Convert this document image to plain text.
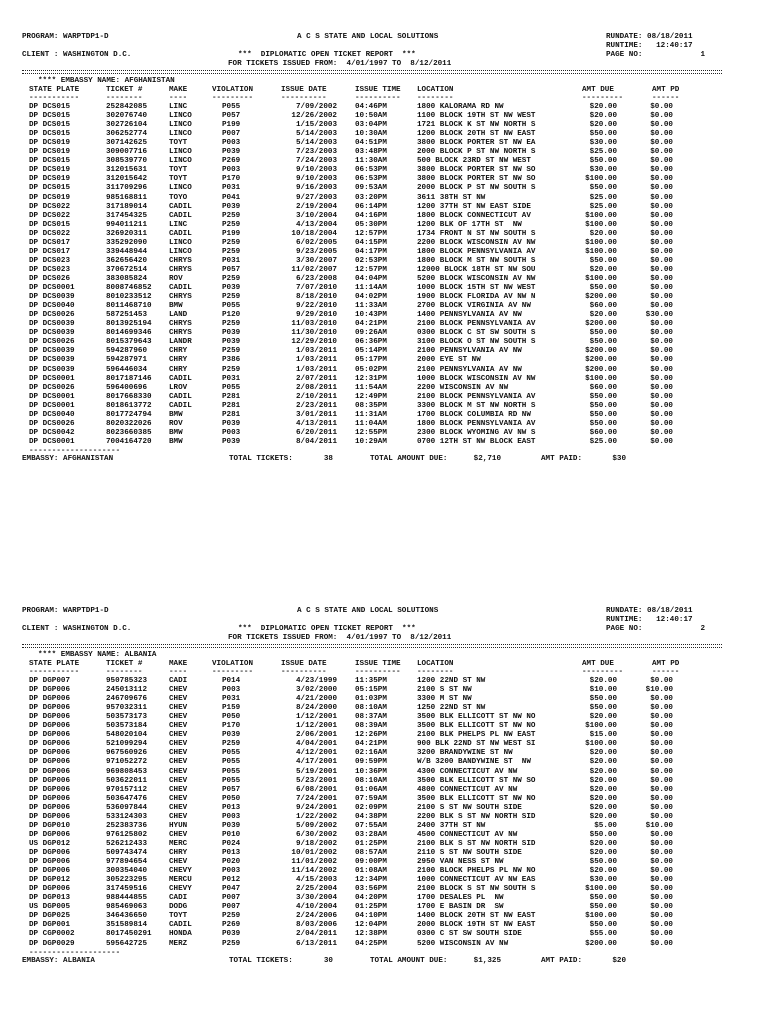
PROGRAM: WARPTDP1-D

	A C S STATE AND LOCAL SOLUTIONS

	RUNDATE: 08/18/2011

RUNTIME:   12:40:17

CLIENT : WASHINGTON D.C.

	***  DIPLOMATIC OPEN TICKET REPORT  ***

	PAGE NO:

	1

FOR TICKETS ISSUED FROM:  4/01/1997 TO  8/12/2011

**** EMBASSY NAME: AFGHANISTAN

STATE PLATE	TICKET #	MAKE	VIOLATION	ISSUE DATE	ISSUE TIME LOCATION	AMT DUE	AMT PD
-----------	--------	----	---------	----------	---------- --------	---------	------
DP DCS015	252842085	LINC	P055	7/09/2002 04:46PM	1800 KALORAMA RD NW	$20.00	$0.00
DP DCS015	302076740	LINCO	P057	12/26/2002 10:50AM	1100 BLOCK 19TH ST NW WEST	$20.00	$0.00
DP DCS015	302726104	LINCO	P199	1/15/2003 03:04PM	1721 BLOCK K ST NW NORTH S	$20.00	$0.00
DP DCS015	306252774	LINCO	P007	5/14/2003 10:30AM	1200 BLOCK 20TH ST NW EAST	$50.00	$0.00
DP DCS019	307142625	TOYT	P003	5/14/2003 04:51PM	3800 BLOCK PORTER ST NW EA	$30.00	$0.00
DP DCS019	309007716	LINCO	P039	7/23/2003 03:48PM	2000 BLOCK P ST NW NORTH S	$25.00	$0.00
DP DCS015	308539770	LINCO	P269	7/24/2003 11:30AM	500 BLOCK 23RD ST NW WEST	$50.00	$0.00
DP DCS019	312015631	TOYT	P003	9/10/2003 06:53PM	3800 BLOCK PORTER ST NW SO	$30.00	$0.00
DP DCS019	312015642	TOYT	P170	9/10/2003 06:53PM	3800 BLOCK PORTER ST NW SO	$100.00	$0.00
DP DCS015	311709296	LINCO	P031	9/16/2003 09:53AM	2000 BLOCK P ST NW SOUTH S	$50.00	$0.00
DP DCS019	985168811	TOYO	P041	9/27/2003 03:20PM	3611 38TH ST NW	$25.00	$0.00
DP DCS022	317189014	CADIL	P039	2/19/2004 06:14PM	1200 37TH ST NW EAST SIDE	$25.00	$0.00
DP DCS022	317454325	CADIL	P259	3/10/2004 04:16PM	1800 BLOCK CONNECTICUT AV	$100.00	$0.00
DP DCS015	994011211	LINC	P259	4/13/2004 05:30PM	1200 BLK OF 17TH ST  NW	$100.00	$0.00
DP DCS022	326920311	CADIL	P199	10/18/2004 12:57PM	1734 FRONT N ST NW SOUTH S	$20.00	$0.00
DP DCS017	335292090	LINCO	P259	6/02/2005 04:15PM	2200 BLOCK WISCONSIN AV NW	$100.00	$0.00
DP DCS017	339448944	LINCO	P259	9/23/2005 04:17PM	1800 BLOCK PENNSYLVANIA AV	$100.00	$0.00
DP DCS023	362656420	CHRYS	P031	3/30/2007 02:53PM	1800 BLOCK M ST NW SOUTH S	$50.00	$0.00
DP DCS023	370672514	CHRYS	P057	11/02/2007 12:57PM	12000 BLOCK 18TH ST NW SOU	$20.00	$0.00
DP DCS026	383085824	ROV	P259	6/23/2008 04:04PM	5200 BLOCK WISCONSIN AV NW	$100.00	$0.00
DP DCS0001	8008746852 CADIL	P039	7/07/2010 11:14AM	1000 BLOCK 15TH ST NW WEST	$50.00	$0.00
DP DCS0039	8010233512 CHRYS	P259	8/18/2010 04:02PM	1900 BLOCK FLORIDA AV NW N	$200.00	$0.00
DP DCS0040	8011468710 BMW	P055	9/22/2010 11:33AM	2700 BLOCK VIRGINIA AV NW	$60.00	$0.00
DP DCS0026	587251453	LAND	P120	9/29/2010 10:43PM	1400 PENNSYLVANIA AV NW	$20.00	$30.00
DP DCS0039	8013925194 CHRYS	P259	11/03/2010 04:21PM	2100 BLOCK PENNSYLVANIA AV	$200.00	$0.00
DP DCS0039	8014699346 CHRYS	P039	11/30/2010 09:26AM	0300 BLOCK C ST SW SOUTH S	$50.00	$0.00
DP DCS0026	8015379643 LANDR	P039	12/29/2010 06:36PM	3100 BLOCK O ST NW SOUTH S	$50.00	$0.00
DP DCS0039	594287960	CHRY	P259	1/03/2011 05:14PM	2100 PENNSYLVANIA AV NW	$200.00	$0.00
DP DCS0039	594287971	CHRY	P386	1/03/2011 05:17PM	2000 EYE ST NW	$200.00	$0.00
DP DCS0039	596446034	CHRY	P259	1/03/2011 05:02PM	2100 PENNSYLVANIA AV NW	$200.00	$0.00
DP DCS0001	8017187146 CADIL	P031	2/07/2011 12:31PM	1000 BLOCK WISCONSIN AV NW	$100.00	$0.00
DP DCS0026	596400696	LROV	P055	2/08/2011 11:54AM	2200 WISCONSIN AV NW	$60.00	$0.00
DP DCS0001	8017668330 CADIL	P281	2/10/2011 12:49PM	2100 BLOCK PENNSYLVANIA AV	$50.00	$0.00
DP DCS0001	8018613772 CADIL	P281	2/23/2011 08:35PM	3300 BLOCK M ST NW NORTH S	$50.00	$0.00
DP DCS0040	8017724794 BMW	P281	3/01/2011 11:31AM	1700 BLOCK COLUMBIA RD NW	$50.00	$0.00
DP DCS0026	8020322026 ROV	P039	4/13/2011 11:04AM	1800 BLOCK PENNSYLVANIA AV	$50.00	$0.00
DP DCS0042	8023660385 BMW	P003	6/20/2011 12:55PM	2300 BLOCK WYOMING AV NW S	$60.00	$0.00
DP DCS0001	7004164720 BMW	P039	8/04/2011 10:29AM	0700 12TH ST NW BLOCK EAST	$25.00	$0.00
--------------------
EMBASSY: AFGHANISTAN	TOTAL TICKETS:	38	TOTAL AMOUNT DUE:	$2,710	AMT PAID:	$30

PROGRAM: WARPTDP1-D

	A C S STATE AND LOCAL SOLUTIONS

	RUNDATE: 08/18/2011

RUNTIME:   12:40:17

CLIENT : WASHINGTON D.C.

	***  DIPLOMATIC OPEN TICKET REPORT  ***

	PAGE NO:

	2

FOR TICKETS ISSUED FROM:  4/01/1997 TO  8/12/2011

**** EMBASSY NAME: ALBANIA

STATE PLATE	TICKET #	MAKE	VIOLATION	ISSUE DATE	ISSUE TIME LOCATION	AMT DUE	AMT PD
-----------	--------	----	---------	----------	---------- --------	---------	------
DP DGP007	950785323	CADI	P014	4/23/1999 11:35PM	1200 22ND ST NW	$20.00	$0.00
DP DGP006	245013112	CHEV	P003	3/02/2000 05:15PM	2100 S ST NW	$10.00	$10.00
DP DGP006	246709676	CHEV	P031	4/21/2000 01:03PM	3300 M ST NW	$50.00	$0.00
DP DGP006	957032311	CHEV	P159	8/24/2000 08:10AM	1250 22ND ST NW	$50.00	$0.00
DP DGP006	503573173	CHEV	P050	1/12/2001 08:37AM	3500 BLK ELLICOTT ST NW NO	$20.00	$0.00
DP DGP006	503573184	CHEV	P170	1/12/2001 08:39AM	3500 BLK ELLICOTT ST NW NO	$100.00	$0.00
DP DGP006	548020104	CHEV	P039	2/06/2001 12:26PM	2100 BLK PHELPS PL NW EAST	$15.00	$0.00
DP DGP006	521099294	CHEV	P259	4/04/2001 04:21PM	900 BLK 22ND ST NW WEST SI	$100.00	$0.00
DP DGP006	967560926	CHEV	P055	4/12/2001 02:16AM	3200 BRANDYWINE ST NW	$20.00	$0.00
DP DGP006	971052272	CHEV	P055	4/17/2001 09:59PM	W/B 3200 BANDYWINE ST  NW	$20.00	$0.00
DP DGP006	969808453	CHEV	P055	5/19/2001 10:36PM	4300 CONNECTICUT AV NW	$20.00	$0.00
DP DGP006	503622011	CHEV	P055	5/23/2001 08:10AM	3500 BLK ELLICOTT ST NW SO	$20.00	$0.00
DP DGP006	970157112	CHEV	P057	6/08/2001 01:06AM	4800 CONNECTICUT AV NW	$20.00	$0.00
DP DGP006	503647476	CHEV	P050	7/24/2001 07:59AM	3500 BLK ELLICOTT ST NW NO	$20.00	$0.00
DP DGP006	536097844	CHEV	P013	9/24/2001 02:09PM	2100 S ST NW SOUTH SIDE	$20.00	$0.00
DP DGP006	533124303	CHEV	P003	1/22/2002 04:38PM	2200 BLK S ST NW NORTH SID	$20.00	$0.00
DP DGP010	252383736	HYUN	P039	5/09/2002 07:55AM	2400 37TH ST NW	$5.00	$10.00
DP DGP006	976125802	CHEV	P010	6/30/2002 03:28AM	4500 CONNECTICUT AV NW	$50.00	$0.00
US DGP012	526212433	MERC	P024	9/18/2002 01:25PM	2100 BLK S ST NW NORTH SID	$20.00	$0.00
DP DGP006	509743474	CHRY	P013	10/01/2002 08:57AM	2110 S ST NW SOUTH SIDE	$20.00	$0.00
DP DGP006	977894654	CHEV	P020	11/01/2002 09:00PM	2950 VAN NESS ST NW	$50.00	$0.00
DP DGP006	300354040	CHEVY	P003	11/14/2002 01:08AM	2100 BLOCK PHELPS PL NW NO	$20.00	$0.00
DP DGP012	305223295	MERCU	P012	4/15/2003 12:34PM	1000 CONNECTICUT AV NW EAS	$30.00	$0.00
DP DGP006	317459516	CHEVY	P047	2/25/2004 03:56PM	2100 BLOCK S ST NW SOUTH S	$100.00	$0.00
DP DGP013	988444855	CADI	P007	3/30/2004 04:20PM	1700 DESALES PL  NW	$50.00	$0.00
US DGP005	985469063	DODG	P007	4/10/2004 01:25PM	1700 E BASIN DR  SW	$50.00	$0.00
DP DGP025	346436650	TOYT	P259	2/24/2006 04:10PM	1400 BLOCK 20TH ST NW EAST	$100.00	$0.00
DP DGP001	351589814	CADIL	P269	8/03/2006 12:04PM	2000 BLOCK 19TH ST NW EAST	$50.00	$0.00
DP CGP0002	8017450291 HONDA	P039	2/04/2011 12:38PM	0300 C ST SW SOUTH SIDE	$55.00	$0.00
DP DGP0029	595642725	MERZ	P259	6/13/2011 04:25PM	5200 WISCONSIN AV NW	$200.00	$0.00
--------------------
EMBASSY: ALBANIA	TOTAL TICKETS:	30	TOTAL AMOUNT DUE:	$1,325	AMT PAID:	$20
